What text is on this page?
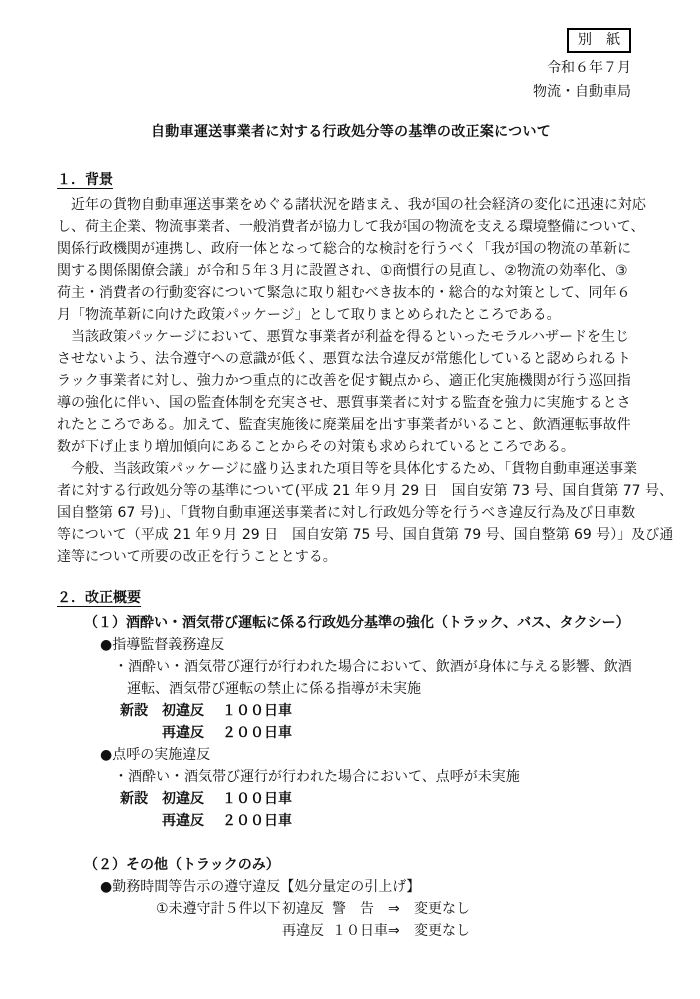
別　紙
令和６年７月
物流・自動車局
自動車運送事業者に対する行政処分等の基準の改正案について
１．背景
　近年の貨物自動車運送事業をめぐる諸状況を踏まえ、我が国の社会経済の変化に迅速に対応
し、荷主企業、物流事業者、一般消費者が協力して我が国の物流を支える環境整備について、
関係行政機関が連携し、政府一体となって総合的な検討を行うべく「我が国の物流の革新に
関する関係閣僚会議」が令和５年３月に設置され、①商慣行の見直し、②物流の効率化、③
荷主・消費者の行動変容について緊急に取り組むべき抜本的・総合的な対策として、同年６
月「物流革新に向けた政策パッケージ」として取りまとめられたところである。
　当該政策パッケージにおいて、悪質な事業者が利益を得るといったモラルハザードを生じ
させないよう、法令遵守への意識が低く、悪質な法令違反が常態化していると認められるト
ラック事業者に対し、強力かつ重点的に改善を促す観点から、適正化実施機関が行う巡回指
導の強化に伴い、国の監査体制を充実させ、悪質事業者に対する監査を強力に実施するとさ
れたところである。加えて、監査実施後に廃業届を出す事業者がいること、飲酒運転事故件
数が下げ止まり増加傾向にあることからその対策も求められているところである。
　今般、当該政策パッケージに盛り込まれた項目等を具体化するため、「貨物自動車運送事業
者に対する行政処分等の基準について(平成 21 年９月 29 日　国自安第 73 号、国自貨第 77 号、
国自整第 67 号)」、「貨物自動車運送事業者に対し行政処分等を行うべき違反行為及び日車数
等について（平成 21 年９月 29 日　国自安第 75 号、国自貨第 79 号、国自整第 69 号）」及び通
達等について所要の改正を行うこととする。
２．改正概要
（１）酒酔い・酒気帯び運転に係る行政処分基準の強化（トラック、バス、タクシー）
●指導監督義務違反
・酒酔い・酒気帯び運行が行われた場合において、飲酒が身体に与える影響、飲酒
運転、酒気帯び運転の禁止に係る指導が未実施
新設	初違反	１００日車
再違反	２００日車
●点呼の実施違反
・酒酔い・酒気帯び運行が行われた場合において、点呼が未実施
新設	初違反	１００日車
再違反	２００日車
（２）その他（トラックのみ）
●勤務時間等告示の遵守違反【処分量定の引上げ】
①未遵守計５件以下 初違反 警　告	⇒	変更なし
再違反 １０日車 ⇒	変更なし
